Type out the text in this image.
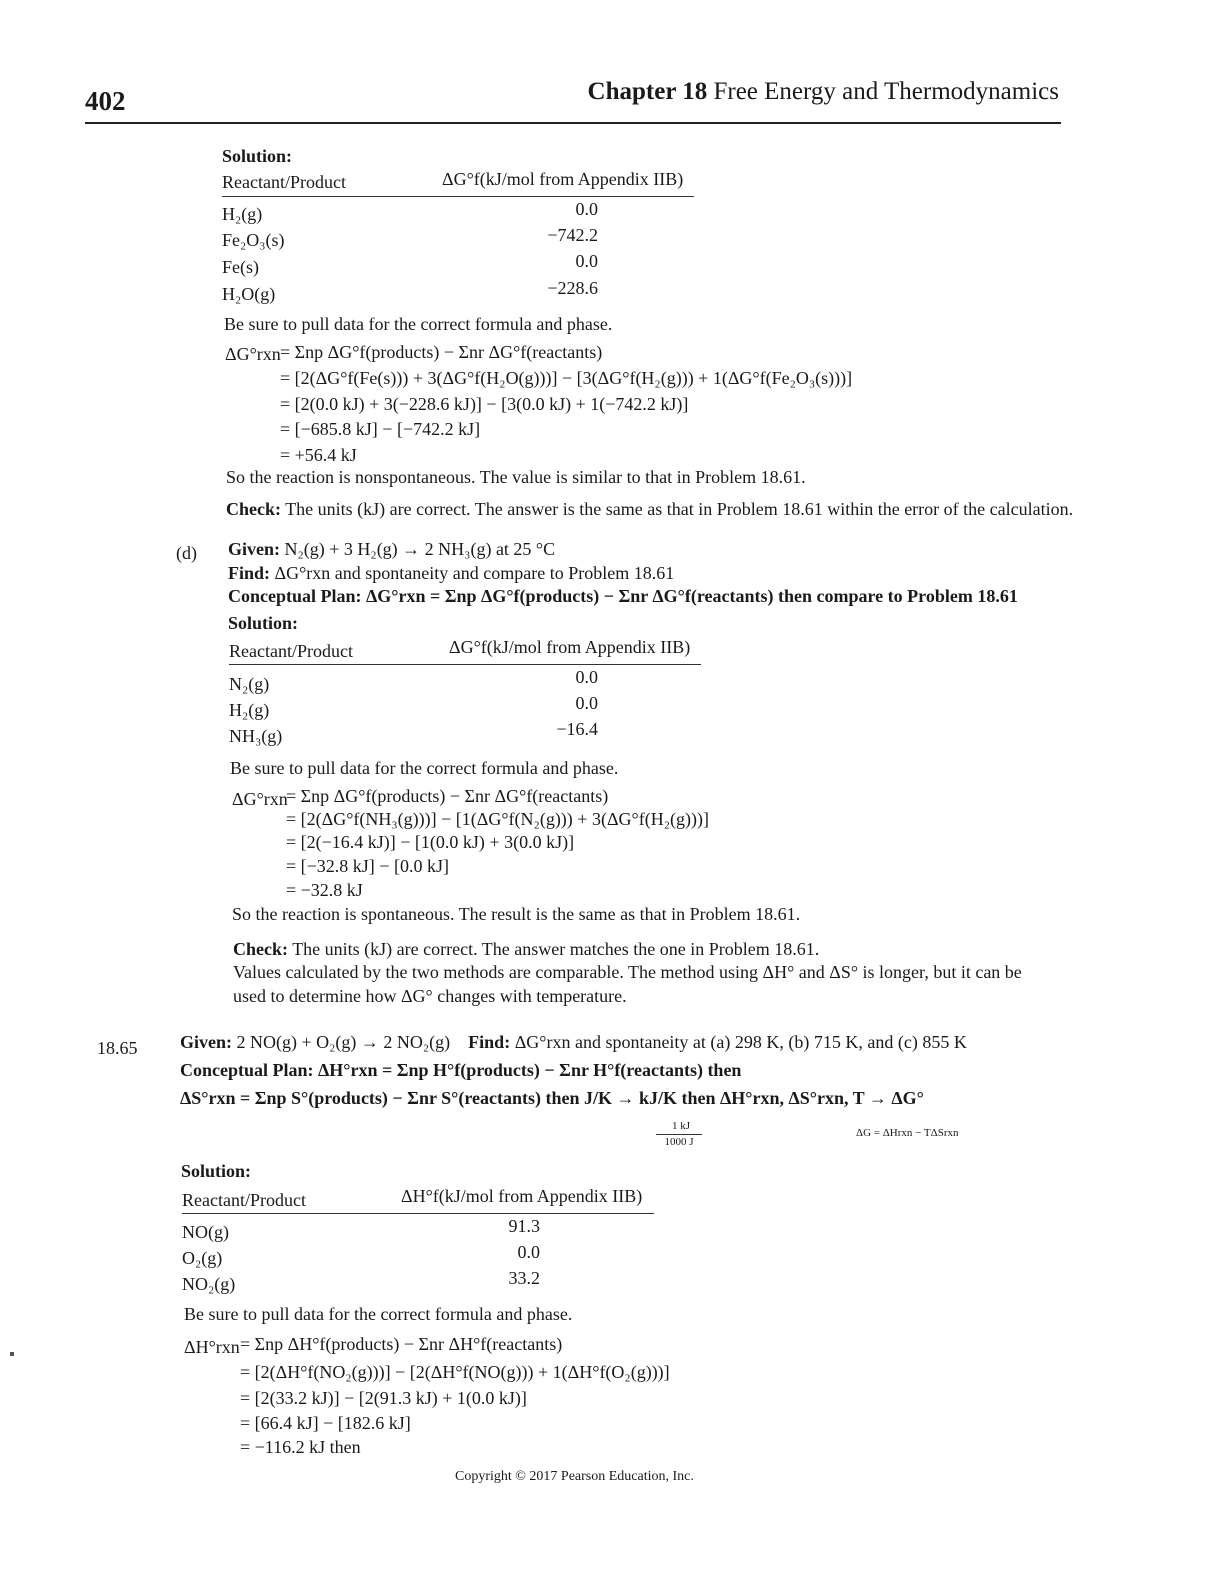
402	Chapter 18 Free Energy and Thermodynamics
Solution:
Reactant/Product	ΔG°f(kJ/mol from Appendix IIB)
H₂(g)	0.0
Fe₂O₃(s)	−742.2
Fe(s)	0.0
H₂O(g)	−228.6
Be sure to pull data for the correct formula and phase.
ΔG°rxn = Σnp ΔG°f(products) − Σnr ΔG°f(reactants)
= [2(ΔG°f(Fe(s))) + 3(ΔG°f(H₂O(g)))] − [3(ΔG°f(H₂(g))) + 1(ΔG°f(Fe₂O₃(s)))]
= [2(0.0 kJ) + 3(−228.6 kJ)] − [3(0.0 kJ) + 1(−742.2 kJ)]
= [−685.8 kJ] − [−742.2 kJ]
= +56.4 kJ
So the reaction is nonspontaneous. The value is similar to that in Problem 18.61.
Check: The units (kJ) are correct. The answer is the same as that in Problem 18.61 within the error of the calculation.
(d) Given: N₂(g) + 3 H₂(g) → 2 NH₃(g) at 25 °C
Find: ΔG°rxn and spontaneity and compare to Problem 18.61
Conceptual Plan: ΔG°rxn = Σnp ΔG°f(products) − Σnr ΔG°f(reactants) then compare to Problem 18.61
Solution:
Reactant/Product	ΔG°f(kJ/mol from Appendix IIB)
N₂(g)	0.0
H₂(g)	0.0
NH₃(g)	−16.4
Be sure to pull data for the correct formula and phase.
ΔG°rxn
= Σnp ΔG°f(products) − Σnr ΔG°f(reactants)
= [2(ΔG°f(NH₃(g)))] − [1(ΔG°f(N₂(g))) + 3(ΔG°f(H₂(g)))]
= [2(−16.4 kJ)] − [1(0.0 kJ) + 3(0.0 kJ)]
= [−32.8 kJ] − [0.0 kJ]
= −32.8 kJ
So the reaction is spontaneous. The result is the same as that in Problem 18.61.
Check: The units (kJ) are correct. The answer matches the one in Problem 18.61.
Values calculated by the two methods are comparable. The method using ΔH° and ΔS° is longer, but it can be
used to determine how ΔG° changes with temperature.
18.65 Given: 2 NO(g) + O₂(g) → 2 NO₂(g) Find: ΔG°rxn and spontaneity at (a) 298 K, (b) 715 K, and (c) 855 K
Conceptual Plan: ΔH°rxn = Σnp H°f(products) − Σnr H°f(reactants) then
ΔS°rxn = Σnp S°(products) − Σnr S°(reactants) then J/K → kJ/K then ΔH°rxn, ΔS°rxn, T → ΔG°
1 kJ
1000 J
ΔG = ΔHrxn − TΔSrxn
Solution:
Reactant/Product	ΔH°f(kJ/mol from Appendix IIB)
NO(g)	91.3
O₂(g)	0.0
NO₂(g)	33.2
Be sure to pull data for the correct formula and phase.
ΔH°rxn = Σnp ΔH°f(products) − Σnr ΔH°f(reactants)
= [2(ΔH°f(NO₂(g)))] − [2(ΔH°f(NO(g))) + 1(ΔH°f(O₂(g)))]
= [2(33.2 kJ)] − [2(91.3 kJ) + 1(0.0 kJ)]
= [66.4 kJ] − [182.6 kJ]
= −116.2 kJ then
Copyright © 2017 Pearson Education, Inc.
